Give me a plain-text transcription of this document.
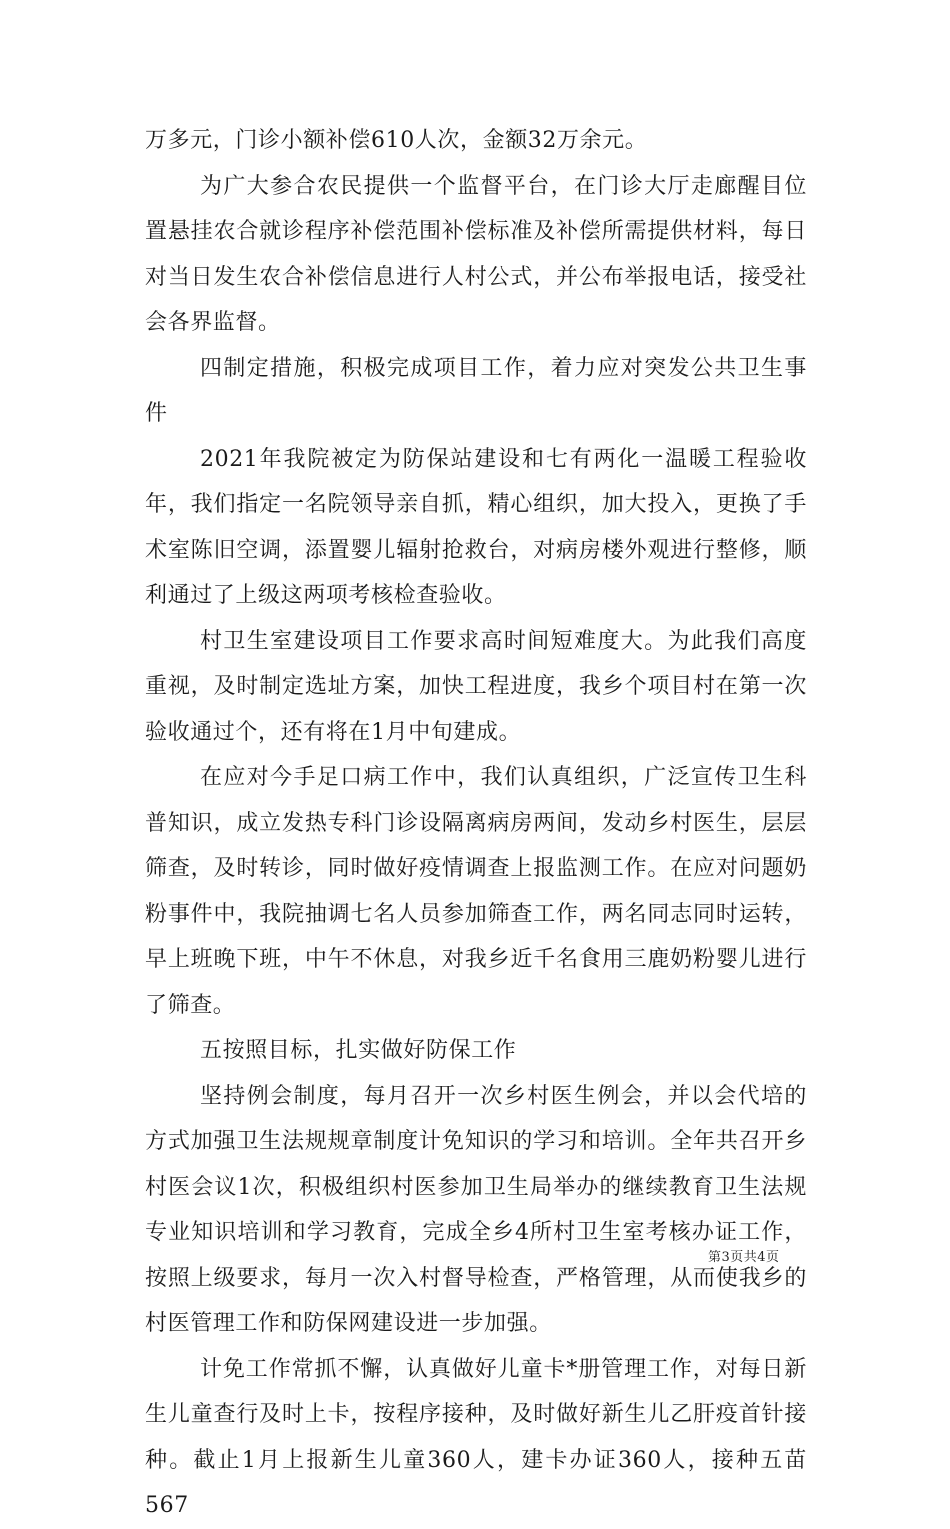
万多元，门诊小额补偿610人次，金额32万余元。

为广大参合农民提供一个监督平台，在门诊大厅走廊醒目位置悬挂农合就诊程序补偿范围补偿标准及补偿所需提供材料，每日对当日发生农合补偿信息进行人村公式，并公布举报电话，接受社会各界监督。

四制定措施，积极完成项目工作，着力应对突发公共卫生事件

2021年我院被定为防保站建设和七有两化一温暖工程验收年，我们指定一名院领导亲自抓，精心组织，加大投入，更换了手术室陈旧空调，添置婴儿辐射抢救台，对病房楼外观进行整修，顺利通过了上级这两项考核检查验收。

村卫生室建设项目工作要求高时间短难度大。为此我们高度重视，及时制定选址方案，加快工程进度，我乡个项目村在第一次验收通过个，还有将在1月中旬建成。

在应对今手足口病工作中，我们认真组织，广泛宣传卫生科普知识，成立发热专科门诊设隔离病房两间，发动乡村医生，层层筛查，及时转诊，同时做好疫情调查上报监测工作。在应对问题奶粉事件中，我院抽调七名人员参加筛查工作，两名同志同时运转，早上班晚下班，中午不休息，对我乡近千名食用三鹿奶粉婴儿进行了筛查。

五按照目标，扎实做好防保工作

坚持例会制度，每月召开一次乡村医生例会，并以会代培的方式加强卫生法规规章制度计免知识的学习和培训。全年共召开乡村医会议1次，积极组织村医参加卫生局举办的继续教育卫生法规专业知识培训和学习教育，完成全乡4所村卫生室考核办证工作，按照上级要求，每月一次入村督导检查，严格管理，从而使我乡的村医管理工作和防保网建设进一步加强。

计免工作常抓不懈，认真做好儿童卡*册管理工作，对每日新生儿童查行及时上卡，按程序接种，及时做好新生儿乙肝疫首针接种。截止1月上报新生儿童360人，建卡办证360人，接种五苗567

第3页共4页
